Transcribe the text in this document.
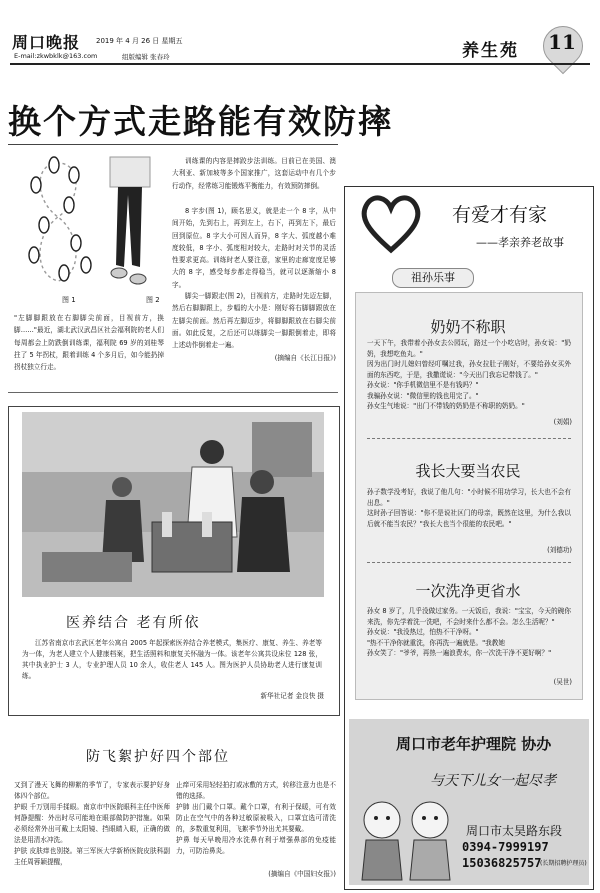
周口晚报 2019 年 4 月 26 日 星期五
E-mail:zkwbklk@163.com	组版编辑 张春玲	养生苑 11
换个方式走路能有效防摔
图 1	图 2
"左脚脚跟放在右脚脚尖前面，目视前方，换脚……"最近，湖北武汉武昌区社会福利院的老人们每周都会上防跌倒训练课，福利院 69 岁的刘桂琴拄了 5 年拐杖，跟着训练 4 个多月后，如今能扔掉拐杖独立行走。
训练课的内容是摔跤步法训练。目前已在美国、澳大利亚、新加坡等多个国家推广，这套运动中有几个步行动作，经常练习能锻炼平衡能力，有效预防摔倒。
8 字步(图 1)，顾名思义，就是走一个 8 字，从中间开始，先到右上，再到左上，右下，再到左下，最后回到原位。8 字大小可因人而异，8 字大、弧度越小难度较低，8 字小、弧度相对较大，走路时对关节的灵活性要求更高。训练时老人要注意，家里的走廊宽度足够大的 8 字，感受每步都走得稳当，就可以逐渐缩小 8 字。
脚尖一脚跟走(图 2)，目视前方，走路时先迈左脚，然后右脚脚跟上，步幅的大小是：刚好将右脚脚跟放在左脚尖前面。然后再左脚迈步，将脚脚跟放在右脚尖前面。如此反复，之后还可以练脚尖一脚跟倒着走，即将上述动作倒着走一遍。
(摘编自《长江日报》)
医养结合 老有所依
江苏省南京市玄武区老年公寓自 2005 年起探索医养结合养老模式，集医疗、康复、养生、养老等为一体，为老人建立个人健康档案，把生活照料和康复关怀融为一体。该老年公寓共设床位 128 张，其中执业护士 3 人，专业护理人员 10 余人，收住老人 145 人。图为医护人员协助老人进行康复训练。
新华社记者 金良快 摄
防飞絮护好四个部位
又到了漫天飞舞的柳絮的季节了，专家表示要护好身体四个部位。
护眼 千万别用手揉眼。南京市中医院眼科主任中医师何静提醒：外出时尽可能地在眼部做防护措施。如果必须经常外出可戴上太阳镜、挡眼睛入眼，正确的做法是用清水冲洗。
护肤 皮肤痒也别挠。第三军医大学新桥医院皮肤科副主任周蓉颖提醒，
止痒可采用轻轻拍打或冰敷的方式，转移注意力也是不错的选择。
护肺 出门戴个口罩。戴个口罩，有利于保暖，可有效防止在空气中的各种过敏原被吸入，口罩宜选可清洗的，多数重复利用，飞絮季节外出尤其要戴。
护鼻 每天早晚用冷水洗鼻有利于增强鼻部的免疫能力，可防治鼻炎。
(摘编自《中国妇女报》)
有爱才有家
——孝亲养老故事
祖孙乐事
奶奶不称职
一天下午，我带着小孙女去公园玩，路过一个小吃店时，孙女说："奶奶，我想吃鱼丸。"
因为出门时儿媳妇曾经叮嘱过我，孙女拉肚子刚好，不要给孙女买外面的东西吃，于是，我撒谎说："今天出门我忘记带钱了。"
孙女说："你手机微信里不是有钱吗？"
我骗孙女说："微信里的钱也用完了。"
孙女生气地说："出门不带钱的奶奶是不称职的奶奶。"
(刘娟)
我长大要当农民
孙子数学没考好，我说了他几句："小时候不用功学习，长大也不会有出息。"
这时孙子回答说："你不是说社区门的母亲，既然在这里，为什么我以后就不能当农民？"我长大也当个很能的农民吧。"
(刘德功)
一次洗净更省水
孙女 8 岁了，几乎没做过家务。一天饭后，我说："宝宝，今天的碗你来洗，你先学着洗一洗吧，不会时来什么都不会。怎么生活呢？"
孙女说："我没热过，怕热不干净呀。"
"热不干净你就重洗，你再洗一遍就是。"我教她
孙女笑了："爷爷，再热一遍浪费水，你一次洗干净不更好啊？"
(吴世)
周口市老年护理院 协办
与天下儿女一起尽孝
周口市太昊路东段
0394-7999197
15036825757
(长期招聘护理员)
